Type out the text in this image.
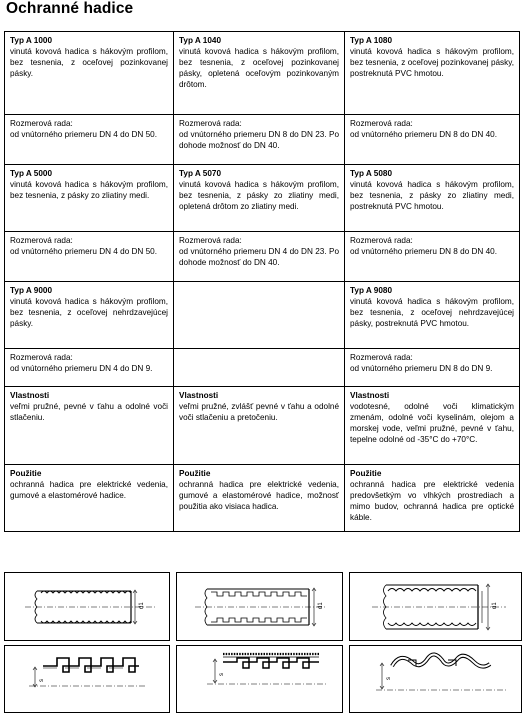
Ochranné hadice
Typ A 1000
vinutá kovová hadica s hákovým profilom, bez tesnenia, z oceľovej pozinkovanej pásky.	Typ A 1040
vinutá kovová hadica s hákovým profilom, bez tesnenia, z oceľovej pozinkovanej pásky, opletená oceľovým pozinkovaným drôtom.	Typ A 1080
vinutá kovová hadica s hákovým profilom, bez tesnenia, z oceľovej pozinkovanej pásky, postreknutá PVC hmotou.

Rozmerová rada:
od vnútorného priemeru DN 4 do DN 50.	Rozmerová rada:
od vnútorného priemeru DN 8 do DN 23. Po dohode možnosť do DN 40.	Rozmerová rada:
od vnútorného priemeru DN 8 do DN 40.

Typ A 5000
vinutá kovová hadica s hákovým profilom, bez tesnenia, z pásky zo zliatiny medi.	Typ A 5070
vinutá kovová hadica s hákovým profilom, bez tesnenia, z pásky zo zliatiny medi, opletená drôtom zo zliatiny medi.	Typ A 5080
vinutá kovová hadica s hákovým profilom, bez tesnenia, z pásky zo zliatiny medi, postreknutá PVC hmotou.

Rozmerová rada:
od vnútorného priemeru DN 4 do DN 50.	Rozmerová rada:
od vnútorného priemeru DN 4 do DN 23. Po dohode možnosť do DN 40.	Rozmerová rada:
od vnútorného priemeru DN 8 do DN 40.

Typ A 9000
vinutá kovová hadica s hákovým profilom, bez tesnenia, z oceľovej nehrdzavejúcej pásky.		Typ A 9080
vinutá kovová hadica s hákovým profilom, bez tesnenia, z oceľovej nehrdzavejúcej pásky, postreknutá PVC hmotou.

Rozmerová rada:
od vnútorného priemeru DN 4 do DN 9.		Rozmerová rada:
od vnútorného priemeru DN 8 do DN 9.

Vlastnosti
veľmi pružné, pevné v ťahu a odolné voči stlačeniu.	Vlastnosti
veľmi pružné, zvlášť pevné v ťahu a odolné voči stlačeniu a pretočeniu.	Vlastnosti
vodotesné, odolné voči klimatickým zmenám, odolné voči kyselinám, olejom a morskej vode, veľmi pružné, pevné v ťahu, tepelne odolné od -35°C do +70°C.

Použitie
ochranná hadica pre elektrické vedenia, gumové a elastomérové hadice.	Použitie
ochranná hadica pre elektrické vedenia, gumové a elastomérové hadice, možnosť použitia ako visiaca hadica.	Použitie
ochranná hadica pre elektrické vedenia predovšetkým vo vlhkých prostrediach a mimo budov, ochranná hadica pre optické káble.
d1	d1	d1
s
s
s
